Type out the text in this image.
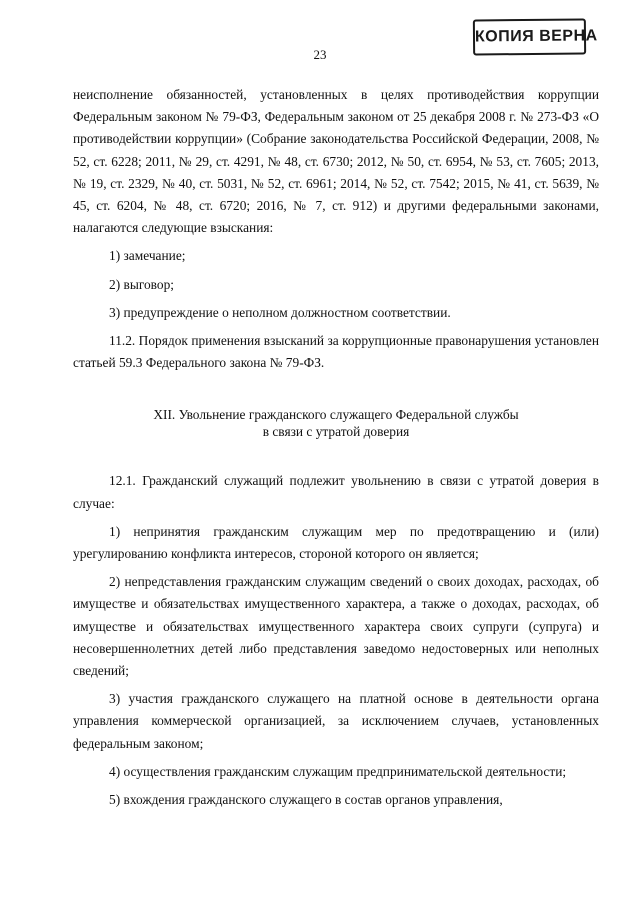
КОПИЯ ВЕРНА
23

неисполнение обязанностей, установленных в целях противодействия коррупции Федеральным законом № 79-ФЗ, Федеральным законом от 25 декабря 2008 г. № 273-ФЗ «О противодействии коррупции» (Собрание законодательства Российской Федерации, 2008, № 52, ст. 6228; 2011, № 29, ст. 4291, № 48, ст. 6730; 2012, № 50, ст. 6954, № 53, ст. 7605; 2013, № 19, ст. 2329, № 40, ст. 5031, № 52, ст. 6961; 2014, № 52, ст. 7542; 2015, № 41, ст. 5639, № 45, ст. 6204, № 48, ст. 6720; 2016, № 7, ст. 912) и другими федеральными законами, налагаются следующие взыскания:

1) замечание;

2) выговор;

3) предупреждение о неполном должностном соответствии.

11.2. Порядок применения взысканий за коррупционные правонарушения установлен статьей 59.3 Федерального закона № 79-ФЗ.

XII. Увольнение гражданского служащего Федеральной службы
в связи с утратой доверия

12.1. Гражданский служащий подлежит увольнению в связи с утратой доверия в случае:

1) непринятия гражданским служащим мер по предотвращению и (или) урегулированию конфликта интересов, стороной которого он является;

2) непредставления гражданским служащим сведений о своих доходах, расходах, об имуществе и обязательствах имущественного характера, а также о доходах, расходах, об имуществе и обязательствах имущественного характера своих супруги (супруга) и несовершеннолетних детей либо представления заведомо недостоверных или неполных сведений;

3) участия гражданского служащего на платной основе в деятельности органа управления коммерческой организацией, за исключением случаев, установленных федеральным законом;

4) осуществления гражданским служащим предпринимательской деятельности;

5) вхождения гражданского служащего в состав органов управления,
